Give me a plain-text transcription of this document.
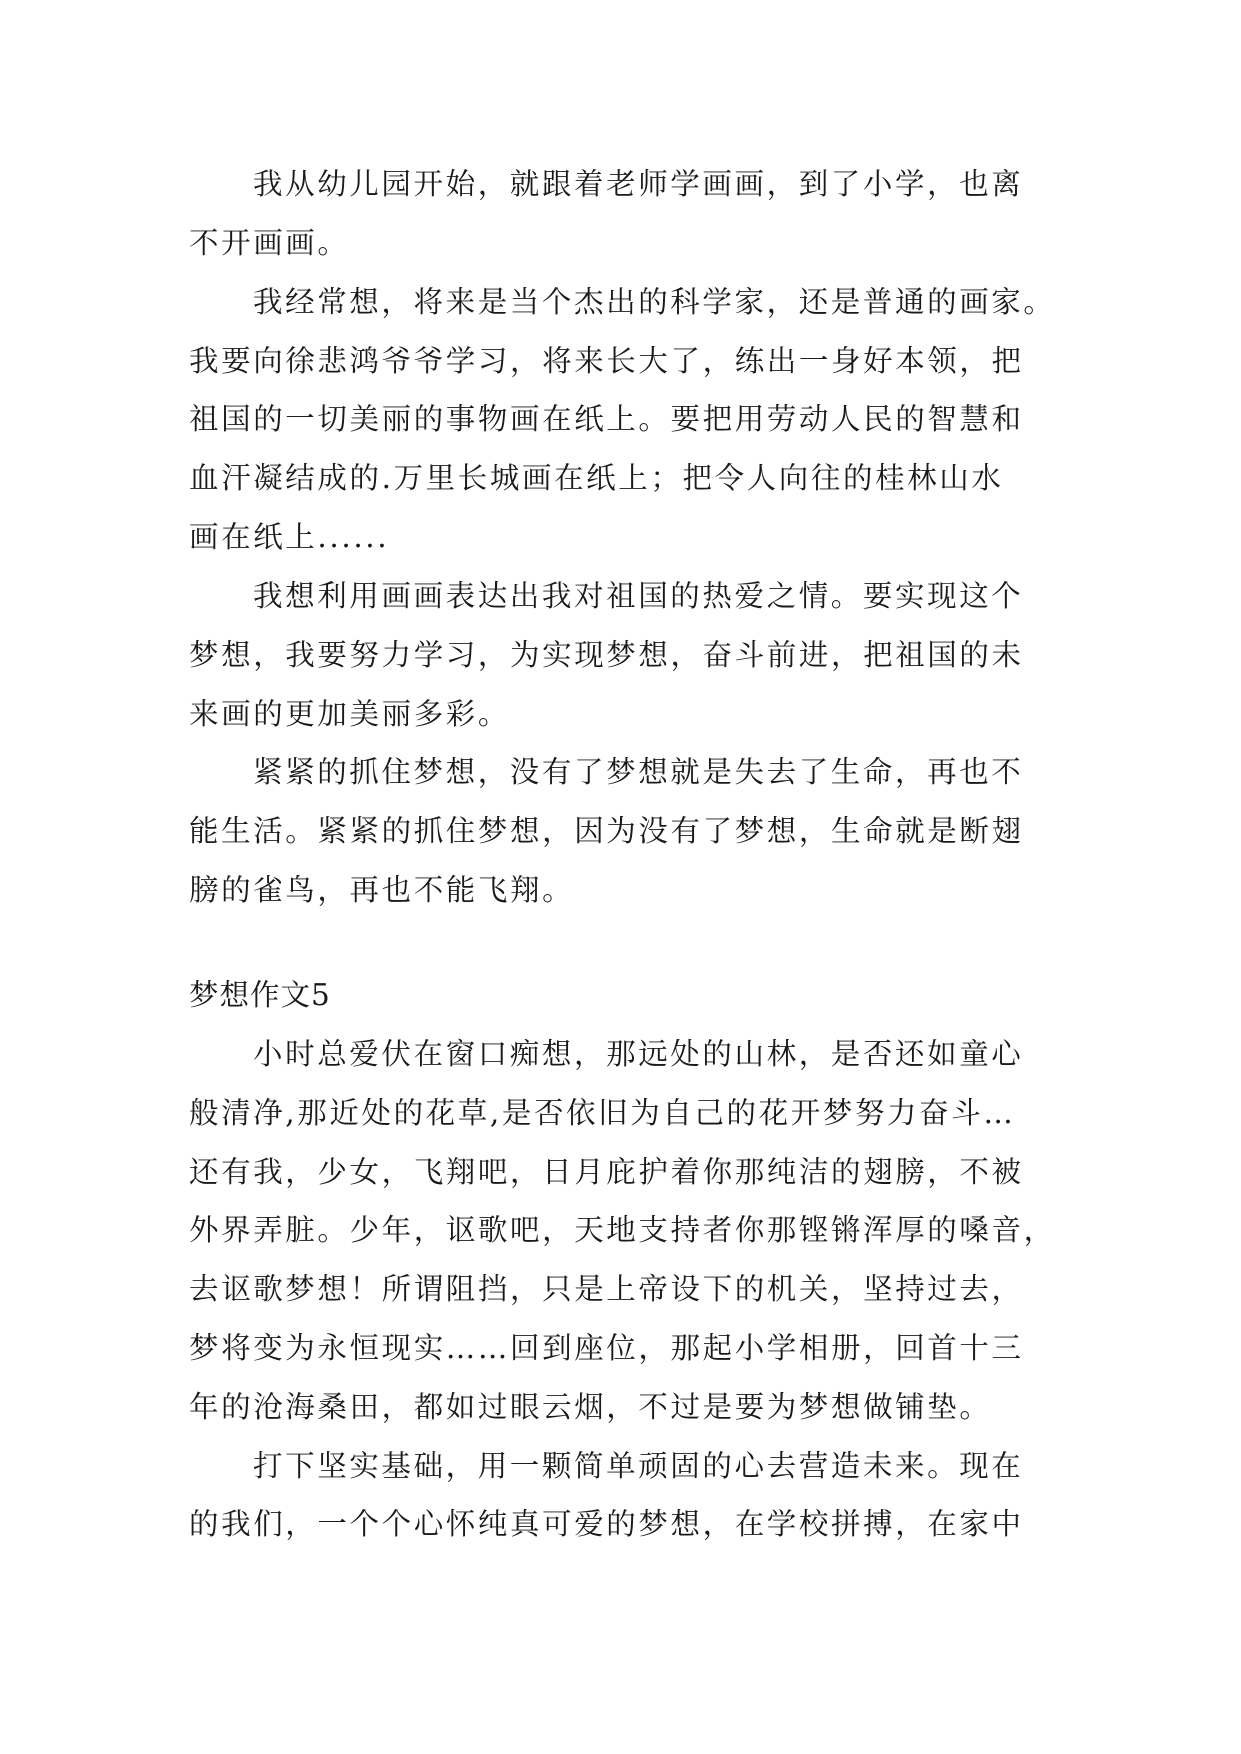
我从幼儿园开始，就跟着老师学画画，到了小学，也离
不开画画。
我经常想，将来是当个杰出的科学家，还是普通的画家。
我要向徐悲鸿爷爷学习，将来长大了，练出一身好本领，把
祖国的一切美丽的事物画在纸上。要把用劳动人民的智慧和
血汗凝结成的.万里长城画在纸上；把令人向往的桂林山水
画在纸上......
我想利用画画表达出我对祖国的热爱之情。要实现这个
梦想，我要努力学习，为实现梦想，奋斗前进，把祖国的未
来画的更加美丽多彩。
紧紧的抓住梦想，没有了梦想就是失去了生命，再也不
能生活。紧紧的抓住梦想，因为没有了梦想，生命就是断翅
膀的雀鸟，再也不能飞翔。
梦想作文5
小时总爱伏在窗口痴想，那远处的山林，是否还如童心
般清净,那近处的花草,是否依旧为自己的花开梦努力奋斗…
还有我，少女，飞翔吧，日月庇护着你那纯洁的翅膀，不被
外界弄脏。少年，讴歌吧，天地支持者你那铿锵浑厚的嗓音，
去讴歌梦想！所谓阻挡，只是上帝设下的机关，坚持过去，
梦将变为永恒现实……回到座位，那起小学相册，回首十三
年的沧海桑田，都如过眼云烟，不过是要为梦想做铺垫。
打下坚实基础，用一颗简单顽固的心去营造未来。现在
的我们，一个个心怀纯真可爱的梦想，在学校拼搏，在家中
